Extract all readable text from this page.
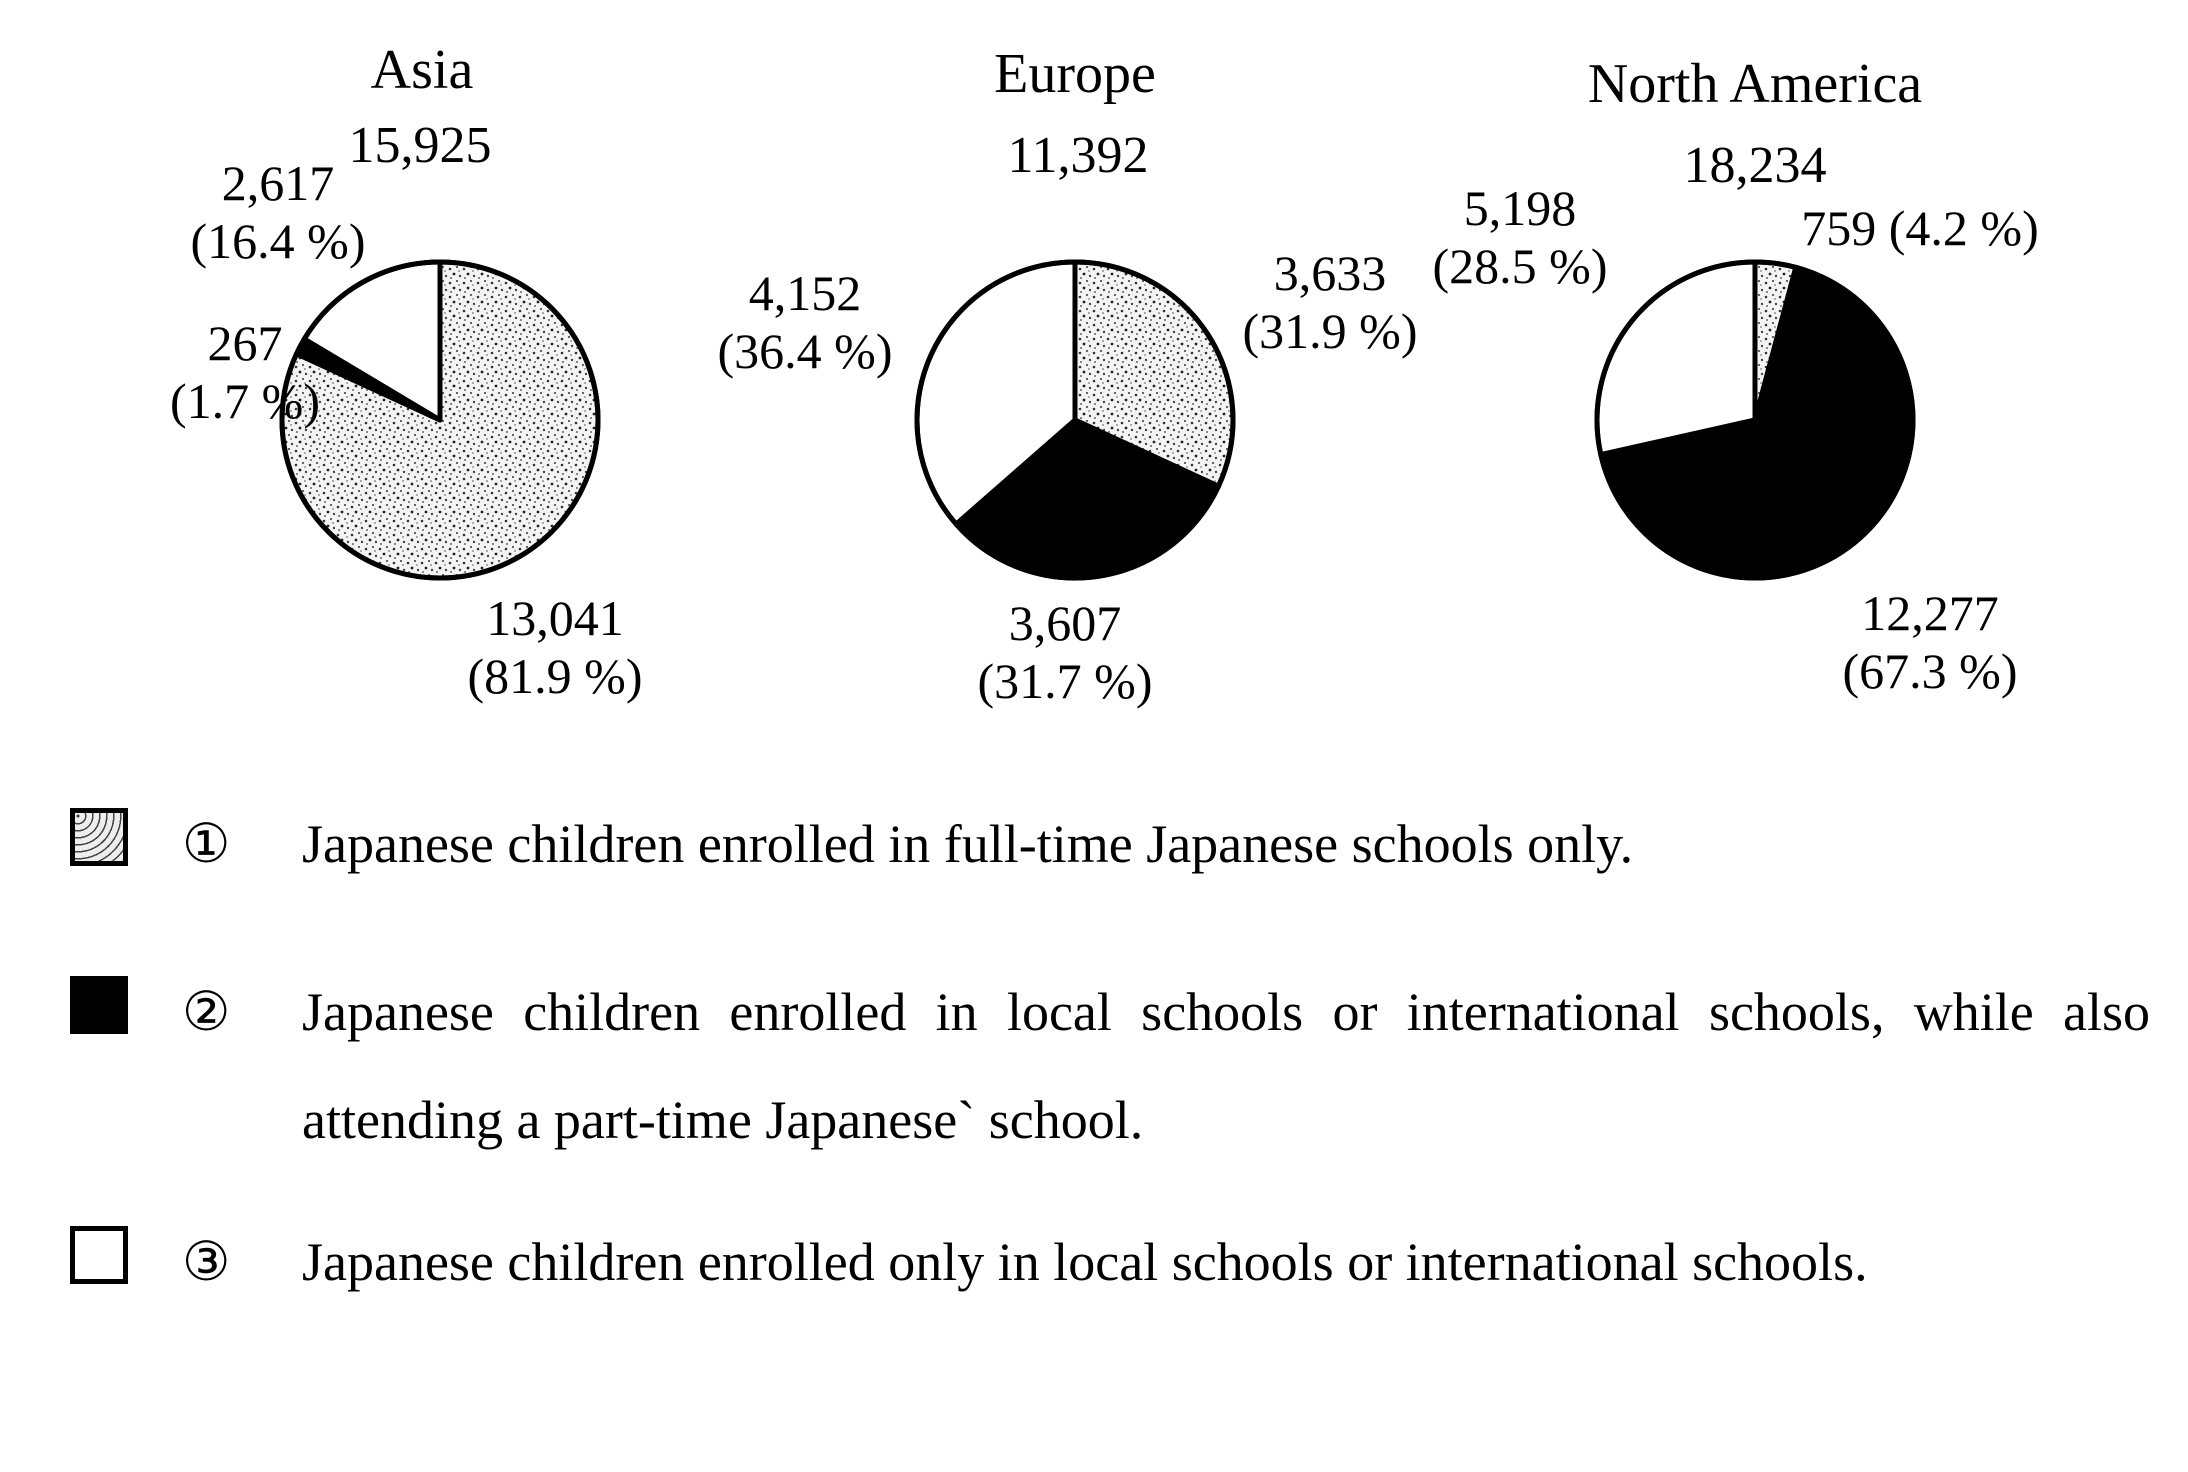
Asia
15,925
13,041
(81.9 %)
267
(1.7 %)
2,617
(16.4 %)
Europe
11,392
3,633
(31.9 %)
3,607
(31.7 %)
4,152
(36.4 %)
North America
18,234
759 (4.2 %)
12,277
(67.3 %)
5,198
(28.5 %)
① Japanese children enrolled in full-time Japanese schools only.
② Japanese children enrolled in local schools or international schools, while also attending a part-time Japanese` school.
③ Japanese children enrolled only in local schools or international schools.
